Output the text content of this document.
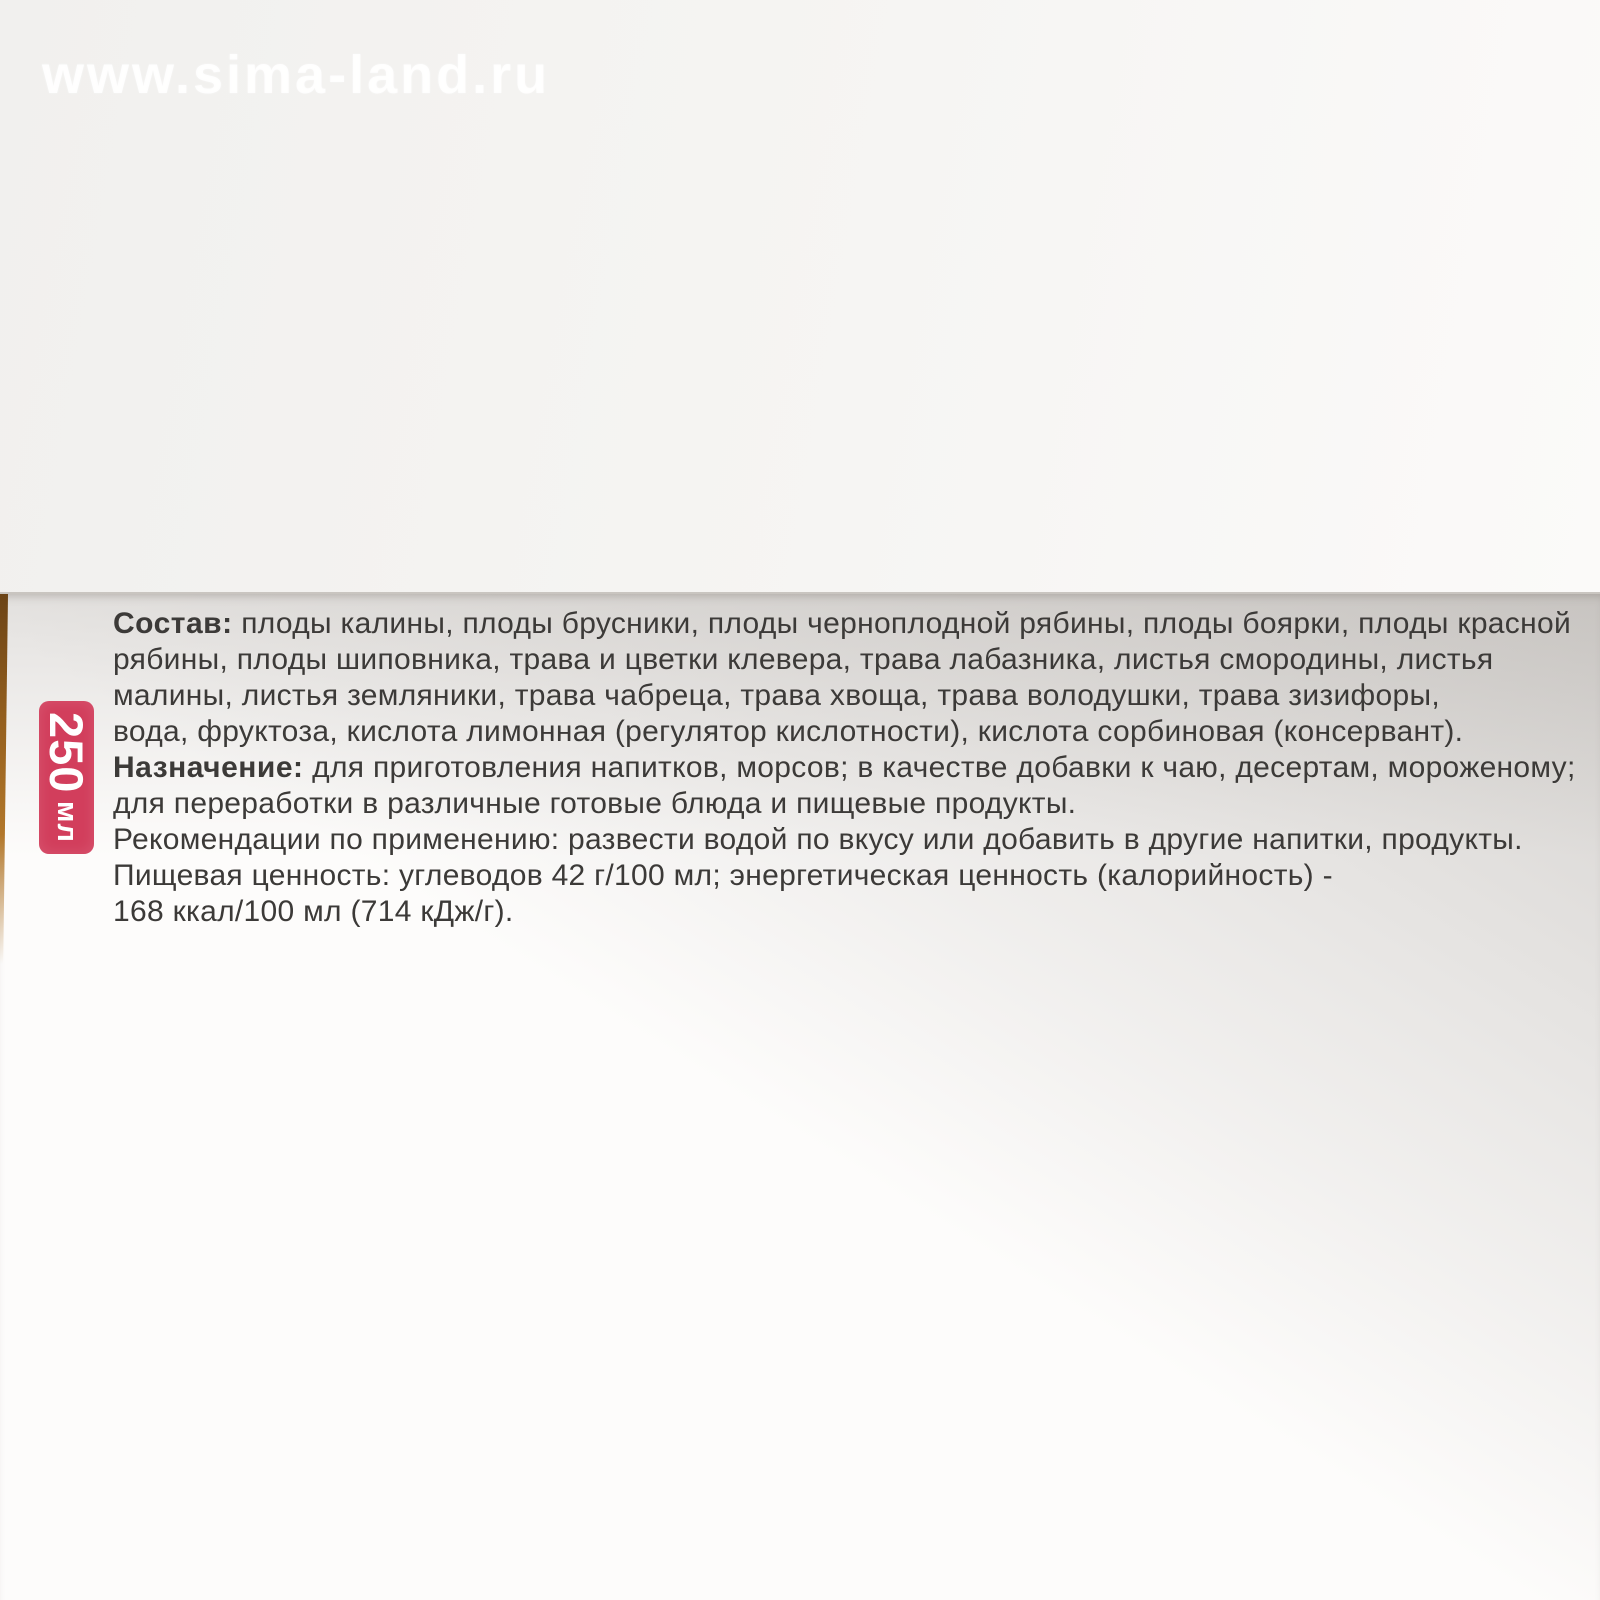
www.sima-land.ru
250
мл
Состав: плоды калины, плоды брусники, плоды черноплодной рябины, плоды боярки, плоды красной
рябины, плоды шиповника, трава и цветки клевера, трава лабазника, листья смородины, листья
малины, листья земляники, трава чабреца, трава хвоща, трава володушки, трава зизифоры,
вода, фруктоза, кислота лимонная (регулятор кислотности), кислота сорбиновая (консервант).
Назначение: для приготовления напитков, морсов; в качестве добавки к чаю, десертам, мороженому;
для переработки в различные готовые блюда и пищевые продукты.
Рекомендации по применению: развести водой по вкусу или добавить в другие напитки, продукты.
Пищевая ценность: углеводов 42 г/100 мл; энергетическая ценность (калорийность) -
168 ккал/100 мл (714 кДж/г).
